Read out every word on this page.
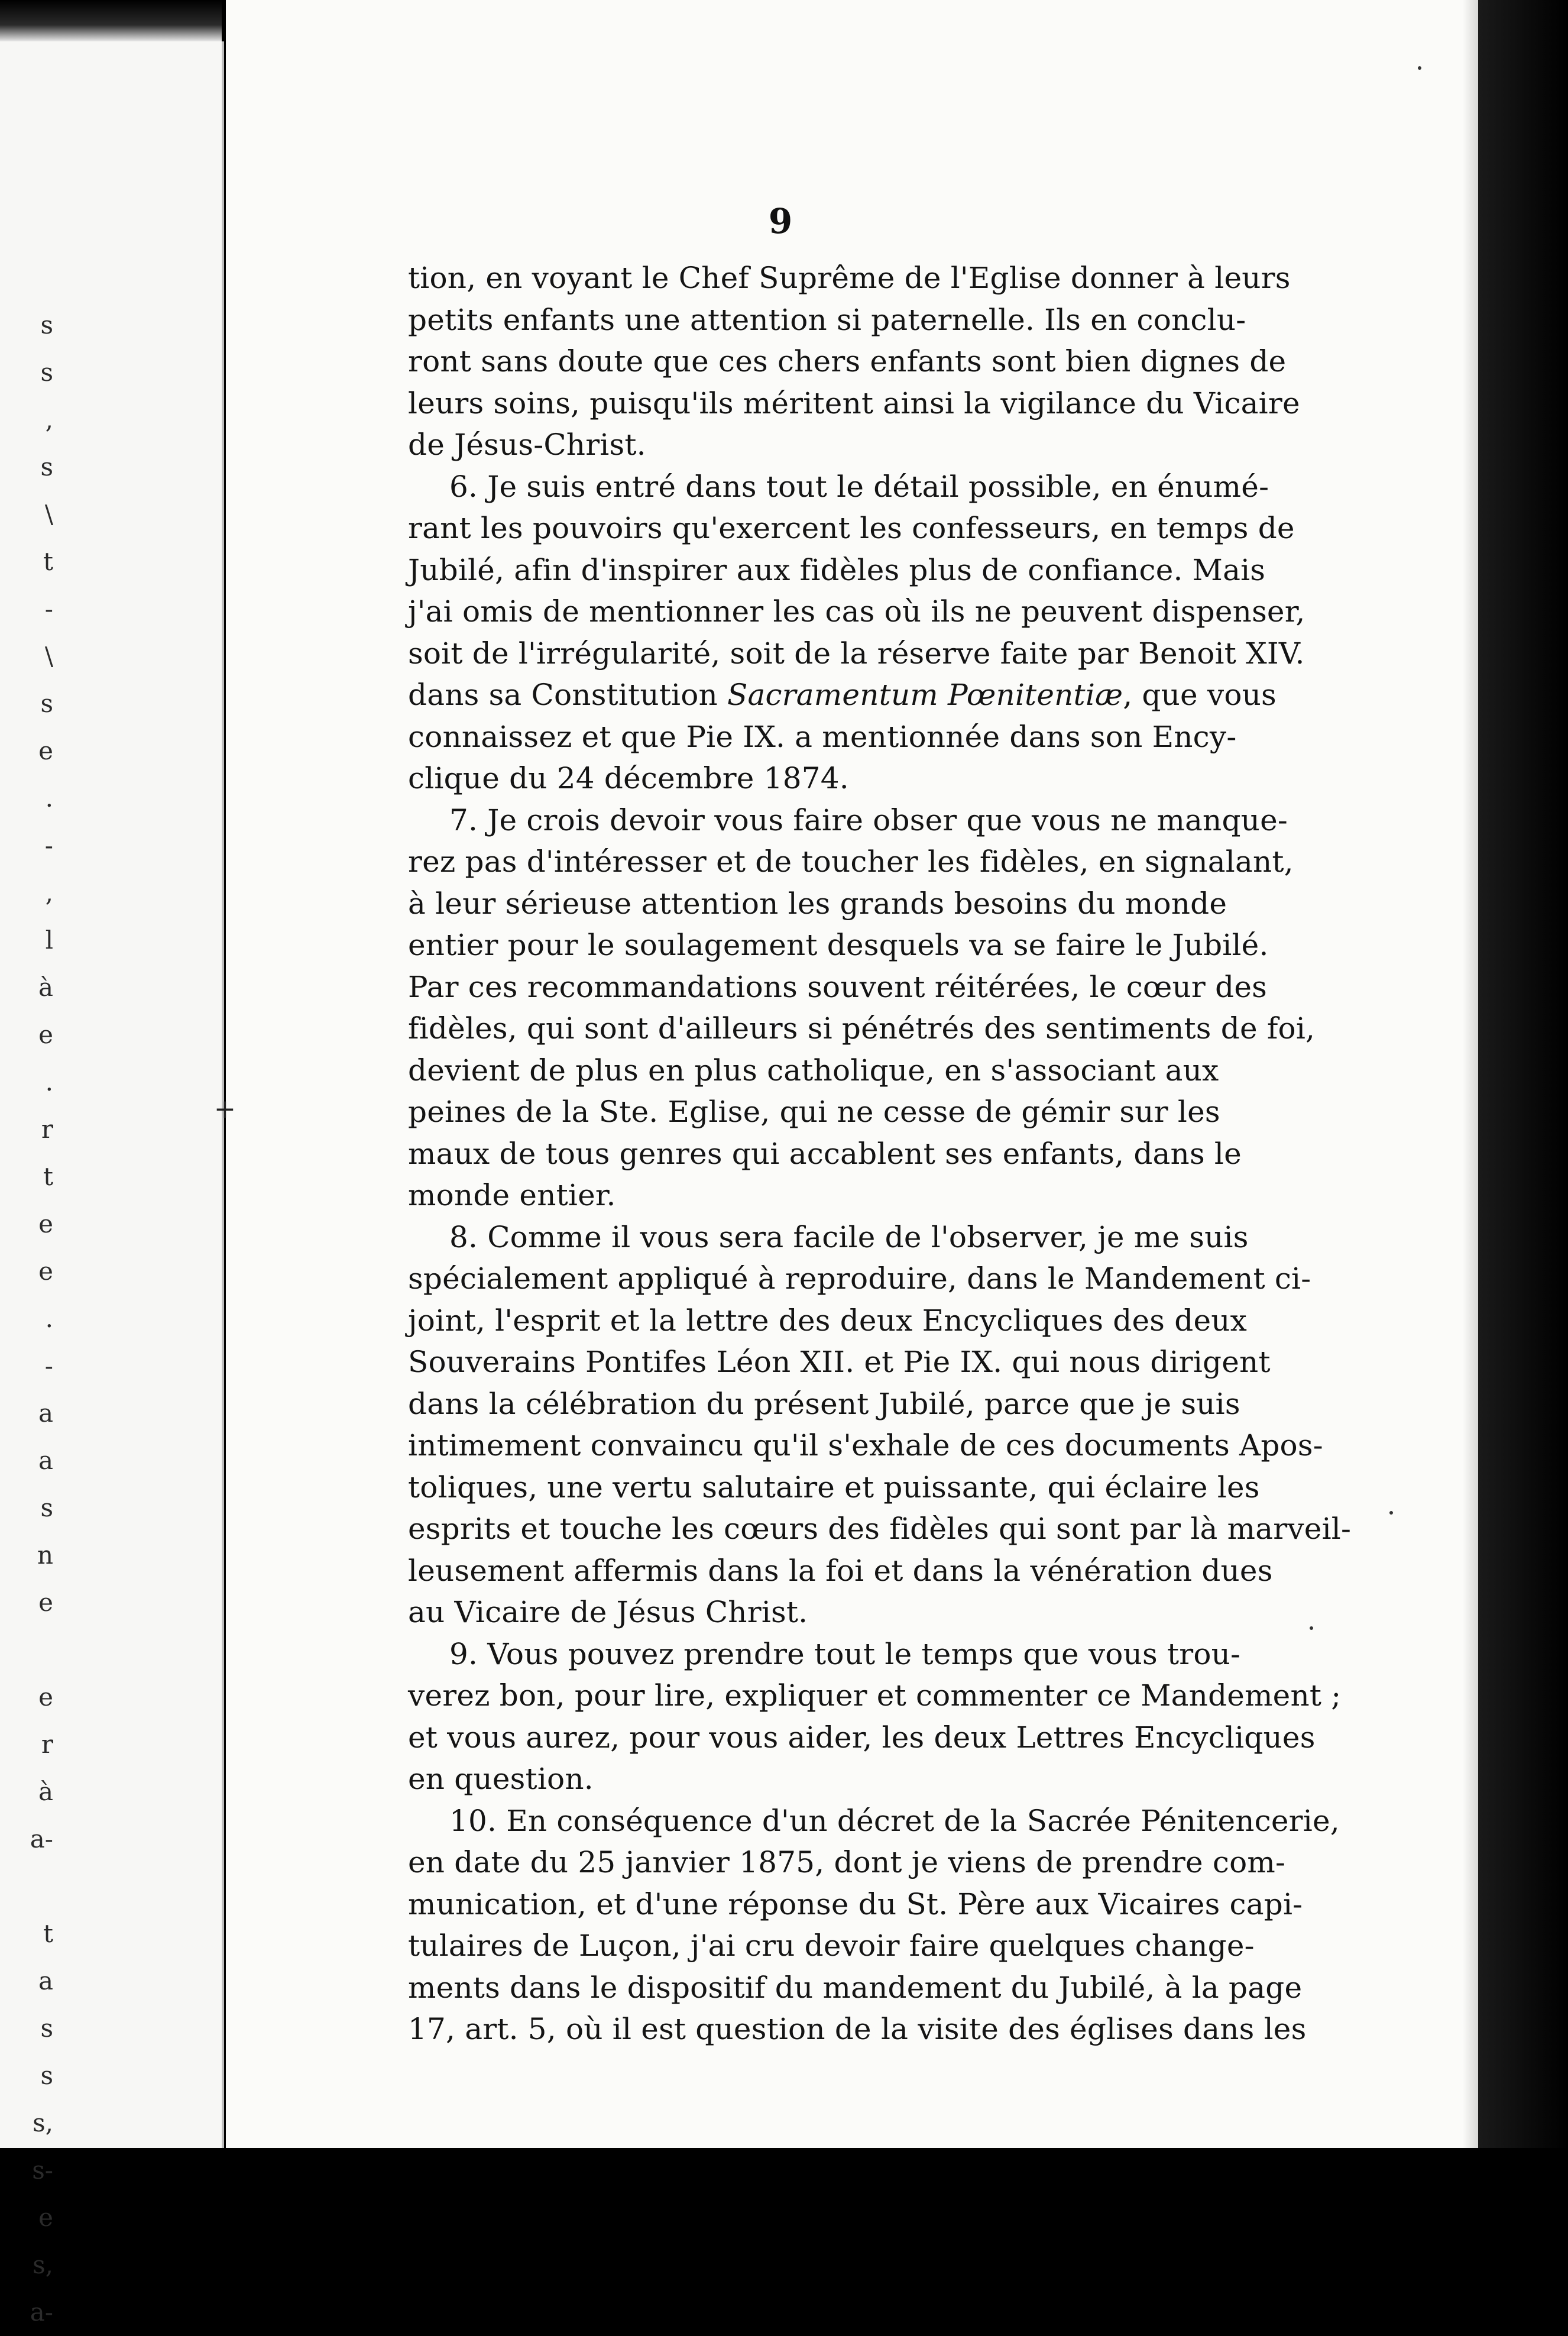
s
s
,
s
\
t
-
\
s
e
.
-
,
l
à
e
.
r
t
e
e
.
-
a
a
s
n
e
e
r
à
a-
t
a
s
s
s,
s-
e
s,
a-
+
9
tion, en voyant le Chef Suprême de l'Eglise donner à leurs
petits enfants une attention si paternelle. Ils en conclu-
ront sans doute que ces chers enfants sont bien dignes de
leurs soins, puisqu'ils méritent ainsi la vigilance du Vicaire
de Jésus-Christ.
6. Je suis entré dans tout le détail possible, en énumé-
rant les pouvoirs qu'exercent les confesseurs, en temps de
Jubilé, afin d'inspirer aux fidèles plus de confiance. Mais
j'ai omis de mentionner les cas où ils ne peuvent dispenser,
soit de l'irrégularité, soit de la réserve faite par Benoit XIV.
dans sa Constitution Sacramentum Pœnitentiæ, que vous
connaissez et que Pie IX. a mentionnée dans son Ency-
clique du 24 décembre 1874.
7. Je crois devoir vous faire obser que vous ne manque-
rez pas d'intéresser et de toucher les fidèles, en signalant,
à leur sérieuse attention les grands besoins du monde
entier pour le soulagement desquels va se faire le Jubilé.
Par ces recommandations souvent réitérées, le cœur des
fidèles, qui sont d'ailleurs si pénétrés des sentiments de foi,
devient de plus en plus catholique, en s'associant aux
peines de la Ste. Eglise, qui ne cesse de gémir sur les
maux de tous genres qui accablent ses enfants, dans le
monde entier.
8. Comme il vous sera facile de l'observer, je me suis
spécialement appliqué à reproduire, dans le Mandement ci-
joint, l'esprit et la lettre des deux Encycliques des deux
Souverains Pontifes Léon XII. et Pie IX. qui nous dirigent
dans la célébration du présent Jubilé, parce que je suis
intimement convaincu qu'il s'exhale de ces documents Apos-
toliques, une vertu salutaire et puissante, qui éclaire les
esprits et touche les cœurs des fidèles qui sont par là marveil-
leusement affermis dans la foi et dans la vénération dues
au Vicaire de Jésus Christ.
9. Vous pouvez prendre tout le temps que vous trou-
verez bon, pour lire, expliquer et commenter ce Mandement ;
et vous aurez, pour vous aider, les deux Lettres Encycliques
en question.
10. En conséquence d'un décret de la Sacrée Pénitencerie,
en date du 25 janvier 1875, dont je viens de prendre com-
munication, et d'une réponse du St. Père aux Vicaires capi-
tulaires de Luçon, j'ai cru devoir faire quelques change-
ments dans le dispositif du mandement du Jubilé, à la page
17, art. 5, où il est question de la visite des églises dans les
